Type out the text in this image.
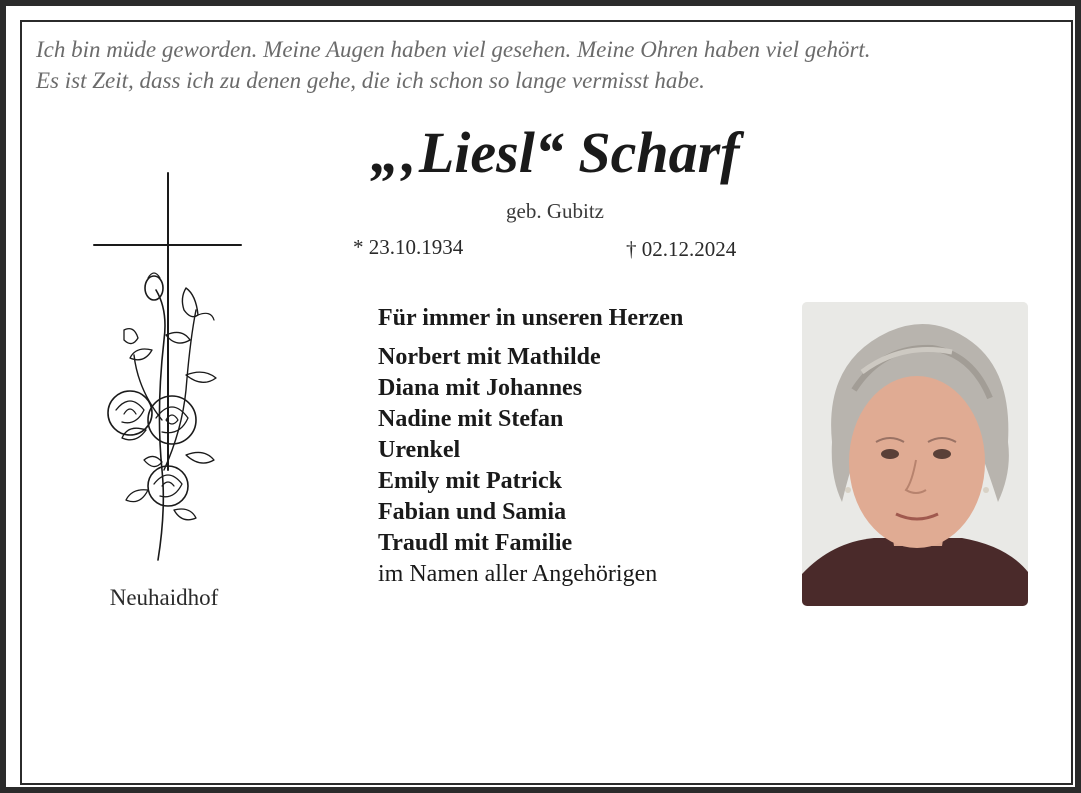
Ich bin müde geworden. Meine Augen haben viel gesehen. Meine Ohren haben viel gehört.
Es ist Zeit, dass ich zu denen gehe, die ich schon so lange vermisst habe.
„‚Liesl“ Scharf
geb. Gubitz
* 23.10.1934	† 02.12.2024
Neuhaidhof
Für immer in unseren Herzen
Norbert mit Mathilde
Diana mit Johannes
Nadine mit Stefan
Urenkel
Emily mit Patrick
Fabian und Samia
Traudl mit Familie
im Namen aller Angehörigen
